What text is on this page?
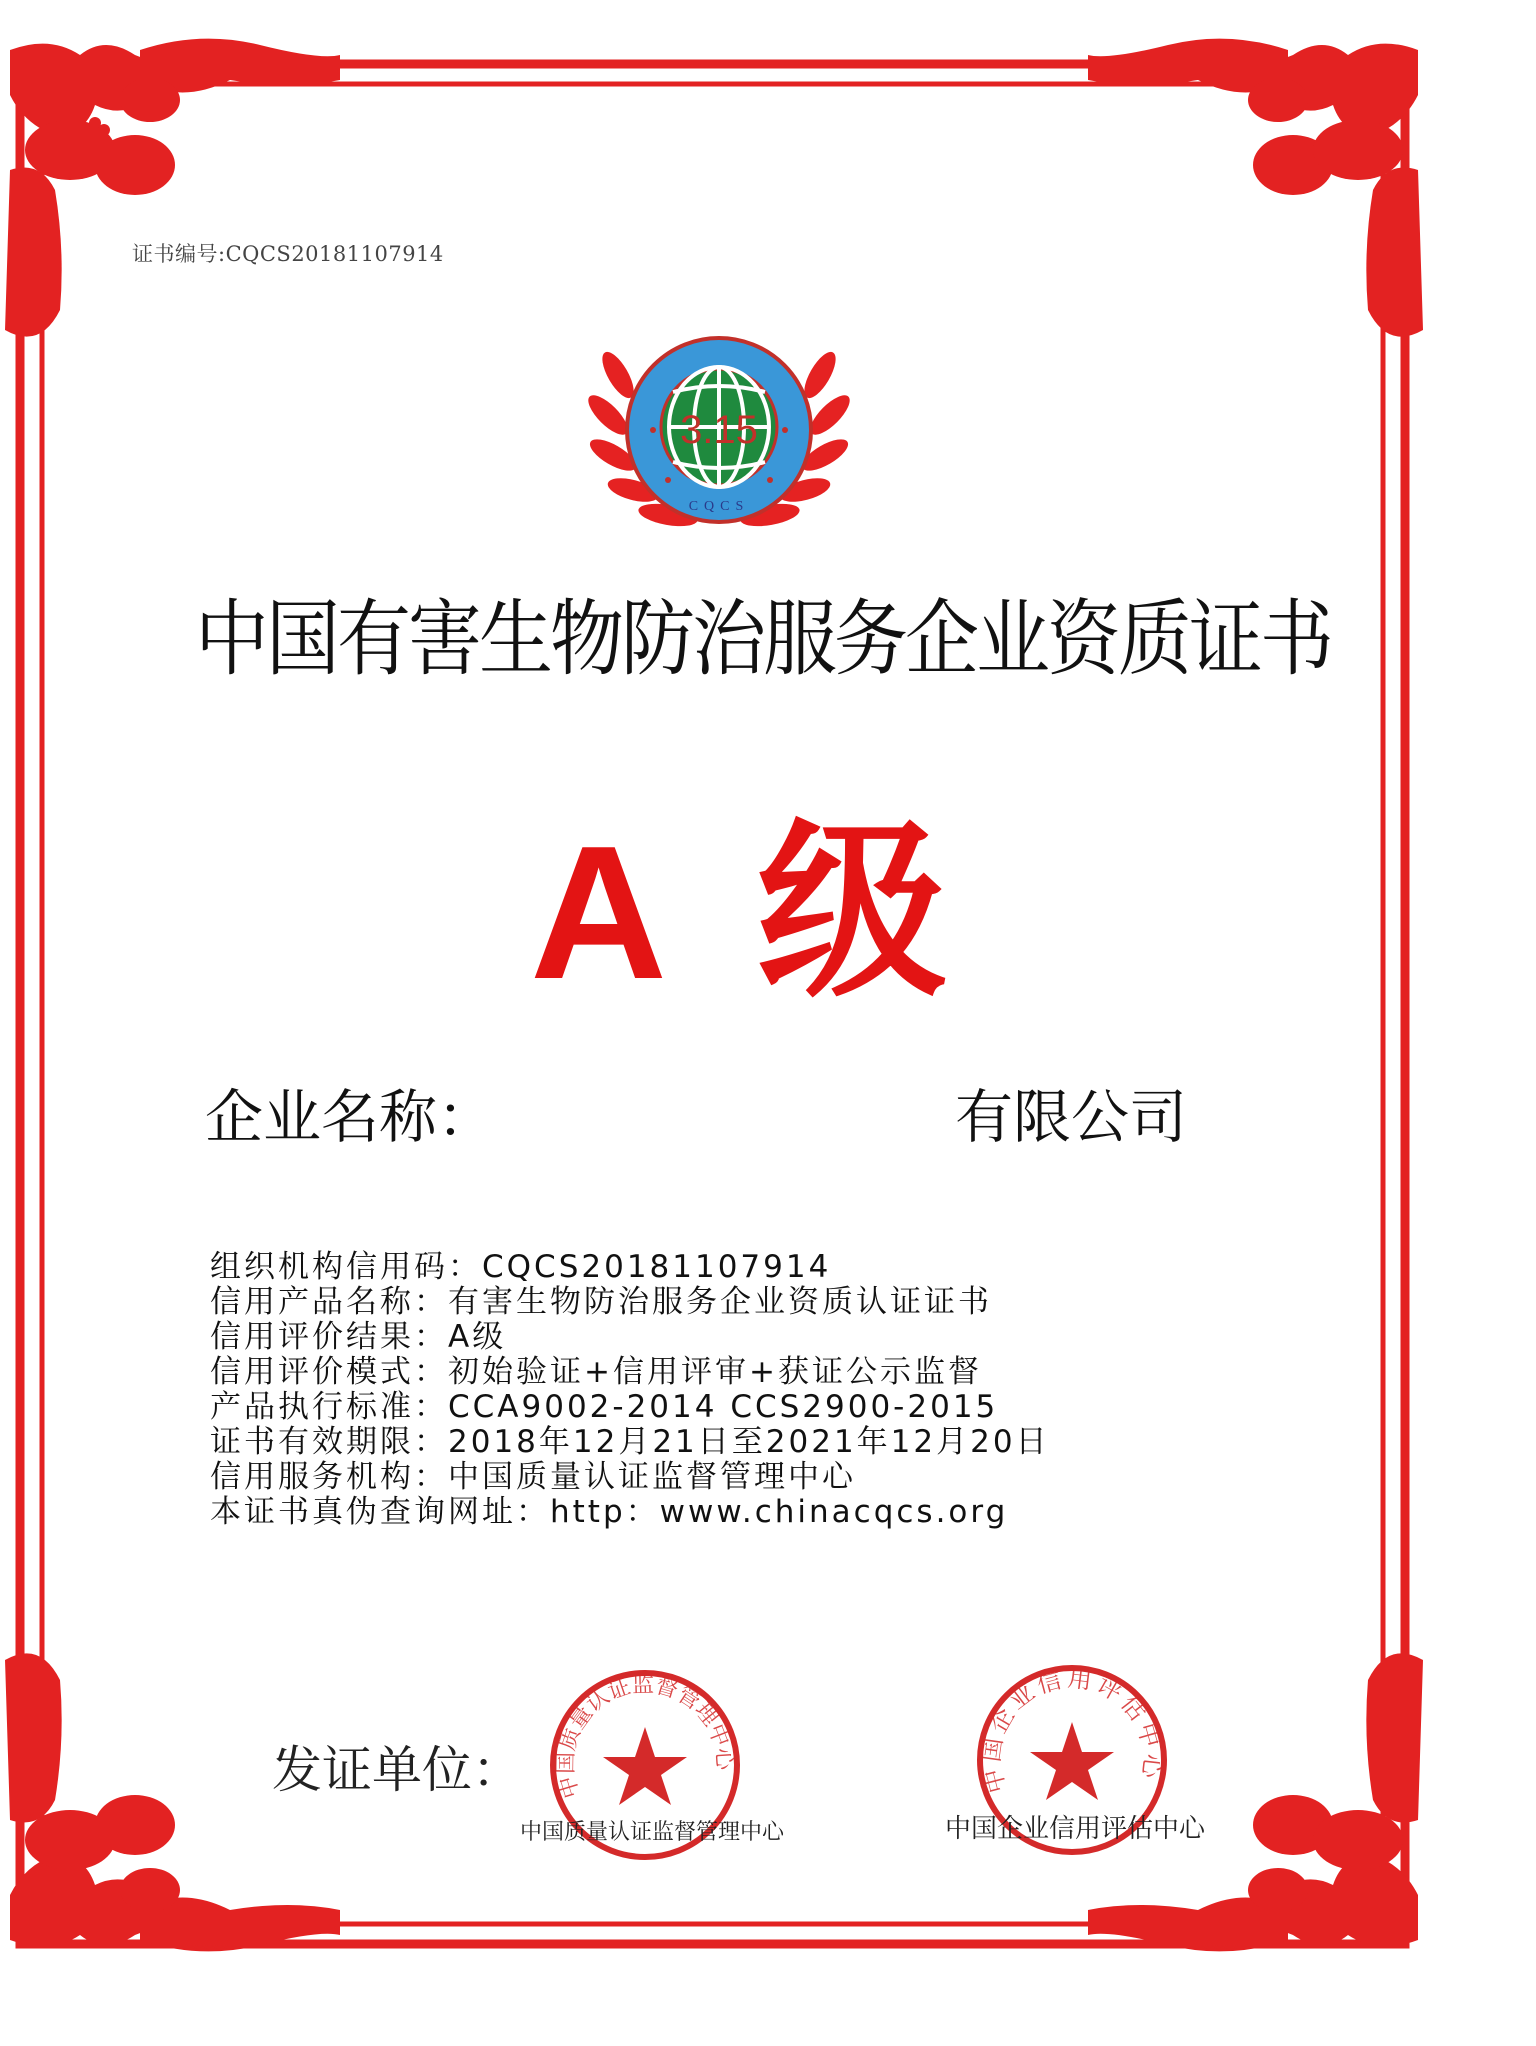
证书编号:CQCS20181107914
3.15
CQCS
中国有害生物防治服务企业资质证书
A 级
企业名称：	有限公司
组织机构信用码：CQCS20181107914
信用产品名称：有害生物防治服务企业资质认证证书
信用评价结果：A级
信用评价模式：初始验证+信用评审+获证公示监督
产品执行标准：CCA9002-2014 CCS2900-2015
证书有效期限：2018年12月21日至2021年12月20日
信用服务机构：中国质量认证监督管理中心
本证书真伪查询网址：http：www.chinacqcs.org
发证单位： 中国质量认证监督管理中心
中国质量认证监督管理中心
中国企业信用评估中心
中国企业信用评估中心
